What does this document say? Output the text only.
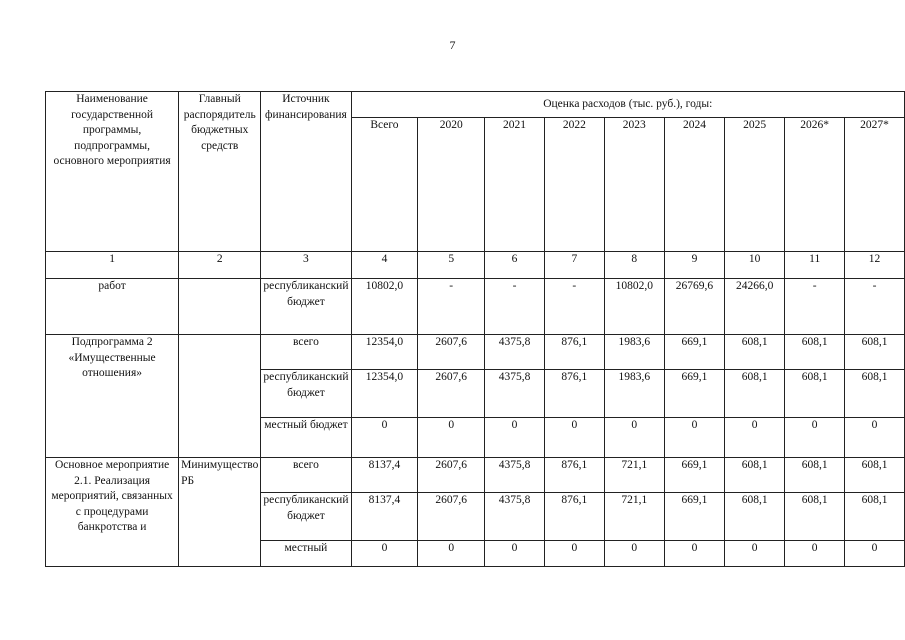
7
Наименование государственной программы, подпрограммы, основного мероприятия	Главный распорядитель бюджетных средств	Источник финансирования	Оценка расходов (тыс. руб.), годы:								
			Всего	2020	2021	2022	2023	2024	2025	2026*	2027*
1	2	3	4	5	6	7	8	9	10	11	12
работ		республиканский бюджет	10802,0	-	-	-	10802,0	26769,6	24266,0	-	-
Подпрограмма 2 «Имущественные отношения»		всего	12354,0	2607,6	4375,8	876,1	1983,6	669,1	608,1	608,1	608,1
		республиканский бюджет	12354,0	2607,6	4375,8	876,1	1983,6	669,1	608,1	608,1	608,1
		местный бюджет	0	0	0	0	0	0	0	0	0
Основное мероприятие 2.1. Реализация мероприятий, связанных с процедурами банкротства и	Минимущество РБ	всего	8137,4	2607,6	4375,8	876,1	721,1	669,1	608,1	608,1	608,1
		республиканский бюджет	8137,4	2607,6	4375,8	876,1	721,1	669,1	608,1	608,1	608,1
		местный	0	0	0	0	0	0	0	0	0
